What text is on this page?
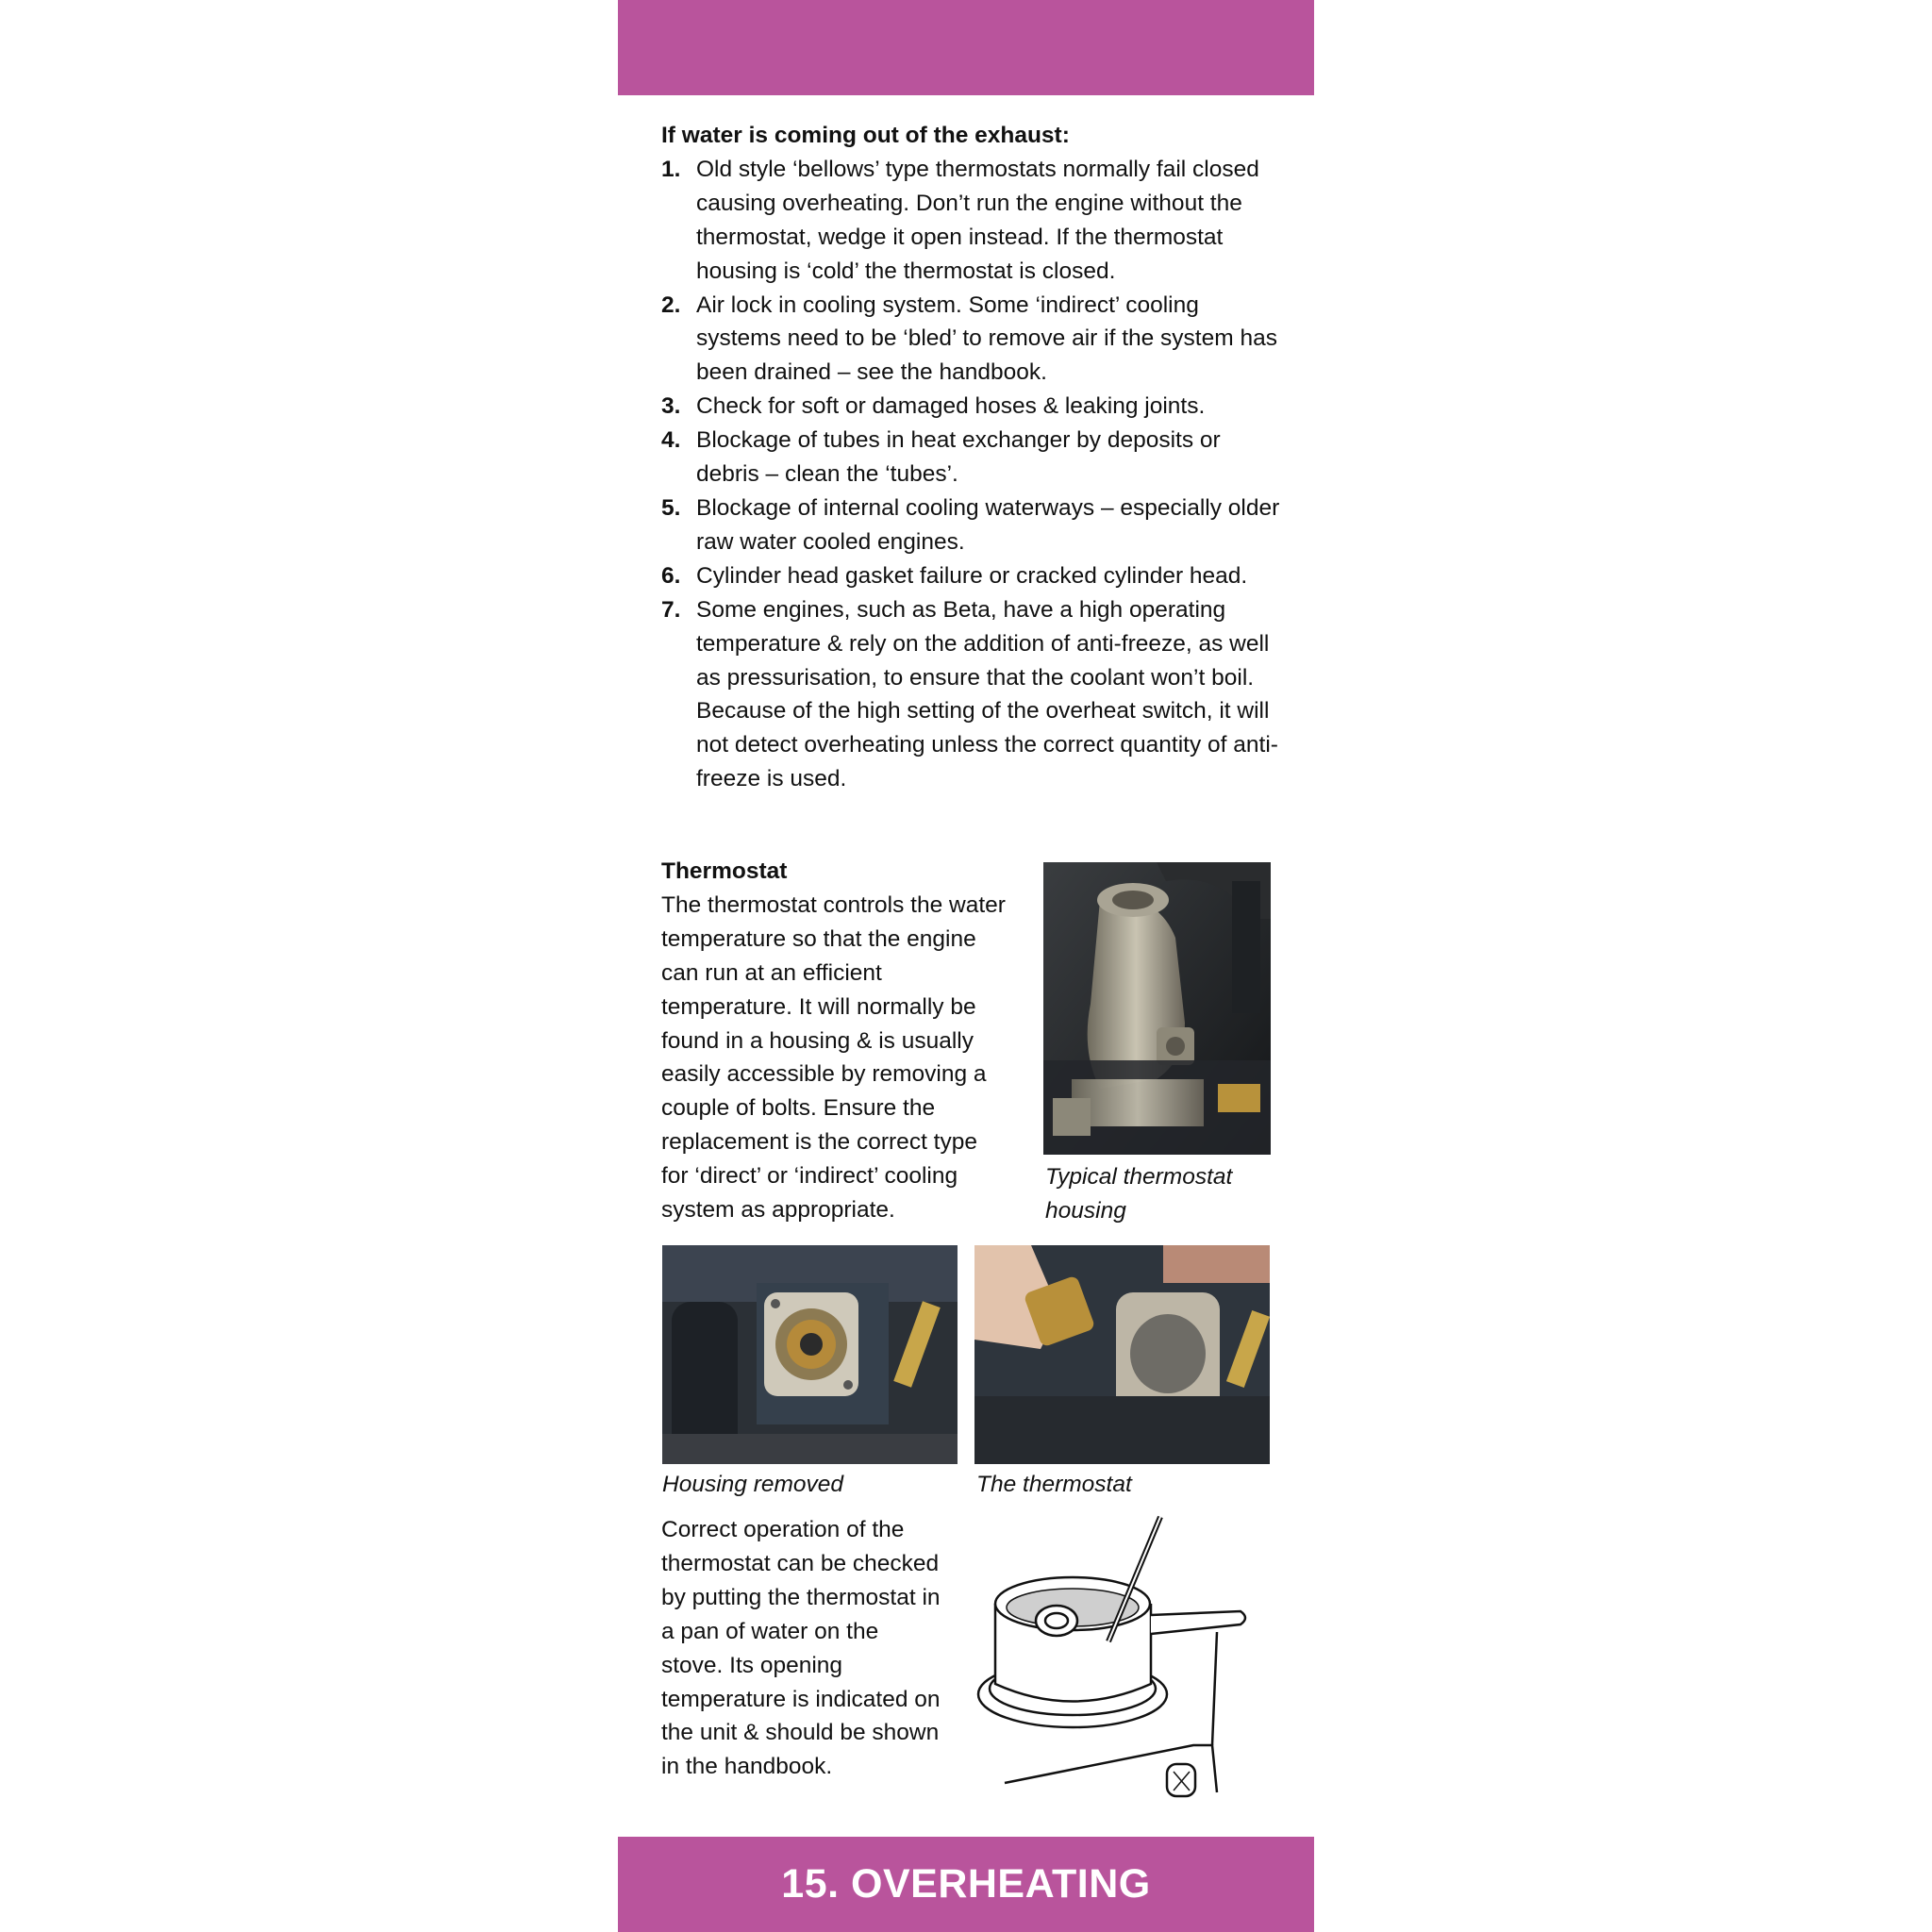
If water is coming out of the exhaust:

1. Old style ‘bellows’ type thermostats normally fail closed causing overheating. Don’t run the engine without the thermostat, wedge it open instead. If the thermostat housing is ‘cold’ the thermostat is closed.
2. Air lock in cooling system. Some ‘indirect’ cooling systems need to be ‘bled’ to remove air if the system has been drained – see the handbook.
3. Check for soft or damaged hoses & leaking joints.
4. Blockage of tubes in heat exchanger by deposits or debris – clean the ‘tubes’.
5. Blockage of internal cooling waterways – especially older raw water cooled engines.
6. Cylinder head gasket failure or cracked cylinder head.
7. Some engines, such as Beta, have a high operating temperature & rely on the addition of anti-freeze, as well as pressurisation, to ensure that the coolant won’t boil. Because of the high setting of the overheat switch, it will not detect overheating unless the correct quantity of anti-freeze is used.
Thermostat
The thermostat controls the water temperature so that the engine can run at an efficient temperature. It will normally be found in a housing & is usually easily accessible by removing a couple of bolts. Ensure the replacement is the correct type for ‘direct’ or ‘indirect’ cooling system as appropriate.
Typical thermostat housing
Housing removed	The thermostat
Correct operation of the thermostat can be checked by putting the thermostat in a pan of water on the stove. Its opening temperature is indicated on the unit & should be shown in the handbook.
15. OVERHEATING
